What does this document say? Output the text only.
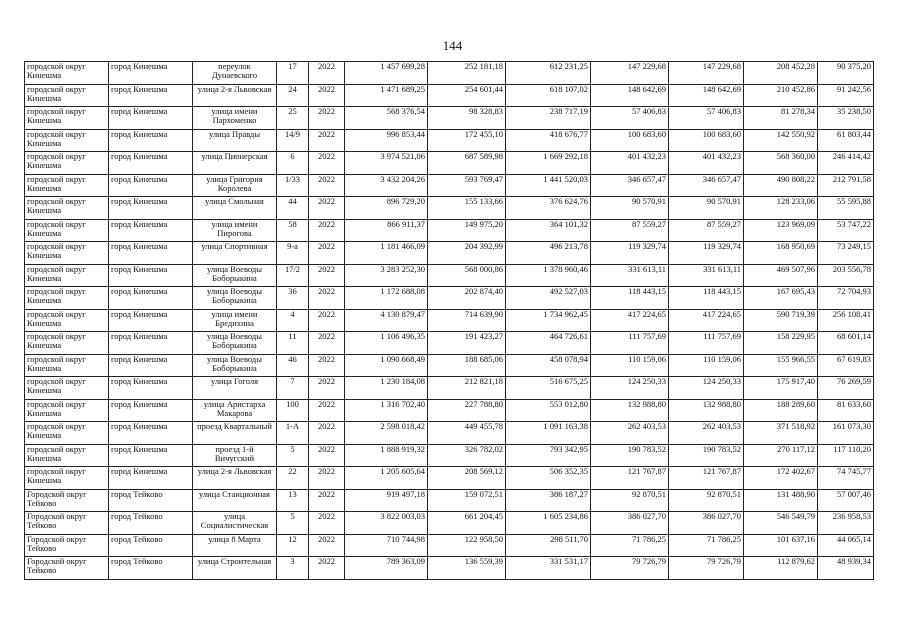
144
городской округ Кинешма	город Кинешма	переулок Дунаевского	17	2022	1 457 699,28	252 181,18	612 231,25	147 229,68	147 229,68	208 452,28	90 375,20
городской округ Кинешма	город Кинешма	улица 2-я Львовская	24	2022	1 471 689,25	254 601,44	618 107,02	148 642,69	148 642,69	210 452,86	91 242,56
городской округ Кинешма	город Кинешма	улица имени Пархоменко	25	2022	568 376,54	98 328,83	238 717,19	57 406,83	57 406,83	81 278,34	35 238,50
городской округ Кинешма	город Кинешма	улица Правды	14/9	2022	996 853,44	172 455,10	418 676,77	100 683,60	100 683,60	142 550,92	61 803,44
городской округ Кинешма	город Кинешма	улица Пионерская	6	2022	3 974 521,06	687 589,98	1 669 292,18	401 432,23	401 432,23	568 360,00	246 414,42
городской округ Кинешма	город Кинешма	улица Григория Королева	1/33	2022	3 432 204,26	593 769,47	1 441 520,03	346 657,47	346 657,47	490 808,22	212 791,58
городской округ Кинешма	город Кинешма	улица Смольная	44	2022	896 729,20	155 133,66	376 624,76	90 570,91	90 570,91	128 233,06	55 595,88
городской округ Кинешма	город Кинешма	улица имени Пирогова	58	2022	866 911,37	149 975,20	364 101,32	87 559,27	87 559,27	123 969,09	53 747,22
городской округ Кинешма	город Кинешма	улица Спортивная	9-а	2022	1 181 466,09	204 392,99	496 213,78	119 329,74	119 329,74	168 950,69	73 249,15
городской округ Кинешма	город Кинешма	улица Воеводы Боборыкина	17/2	2022	3 283 252,30	568 000,86	1 378 960,46	331 613,11	331 613,11	469 507,96	203 556,78
городской округ Кинешма	город Кинешма	улица Воеводы Боборыкина	36	2022	1 172 688,08	202 874,40	492 527,03	118 443,15	118 443,15	167 695,43	72 704,93
городской округ Кинешма	город Кинешма	улица имени Бредихина	4	2022	4 130 879,47	714 639,90	1 734 962,45	417 224,65	417 224,65	590 719,39	256 108,41
городской округ Кинешма	город Кинешма	улица Воеводы Боборыкина	11	2022	1 106 496,35	191 423,27	464 726,61	111 757,69	111 757,69	158 229,95	68 601,14
городской округ Кинешма	город Кинешма	улица Воеводы Боборыкина	46	2022	1 090 668,49	188 685,06	458 078,94	110 159,06	110 159,06	155 966,55	67 619,83
городской округ Кинешма	город Кинешма	улица Гоголя	7	2022	1 230 184,08	212 821,18	516 675,25	124 250,33	124 250,33	175 917,40	76 269,59
городской округ Кинешма	город Кинешма	улица Аристарха Макарова	100	2022	1 316 702,40	227 788,80	553 012,80	132 988,80	132 988,80	188 289,60	81 633,60
городской округ Кинешма	город Кинешма	проезд Квартальный	1-А	2022	2 598 018,42	449 455,78	1 091 163,38	262 403,53	262 403,53	371 518,92	161 073,30
городской округ Кинешма	город Кинешма	проезд 1-й Вичугский	5	2022	1 888 919,32	326 782,02	793 342,95	190 783,52	190 783,52	270 117,12	117 110,20
городской округ Кинешма	город Кинешма	улица 2-я Львовская	22	2022	1 205 605,64	208 569,12	506 352,35	121 767,87	121 767,87	172 402,67	74 745,77
Городской округ Тейково	город Тейково	улица Станционная	13	2022	919 497,18	159 072,51	386 187,27	92 870,51	92 870,51	131 488,90	57 007,46
Городской округ Тейково	город Тейково	улица Социалистическая	5	2022	3 822 003,03	661 204,45	1 605 234,86	386 027,70	386 027,70	546 549,79	236 958,53
Городской округ Тейково	город Тейково	улица 8 Марта	12	2022	710 744,98	122 958,50	298 511,70	71 786,25	71 786,25	101 637,16	44 065,14
Городской округ Тейково	город Тейково	улица Строительная	3	2022	789 363,09	136 559,39	331 531,17	79 726,79	79 726,79	112 879,62	48 939,34
